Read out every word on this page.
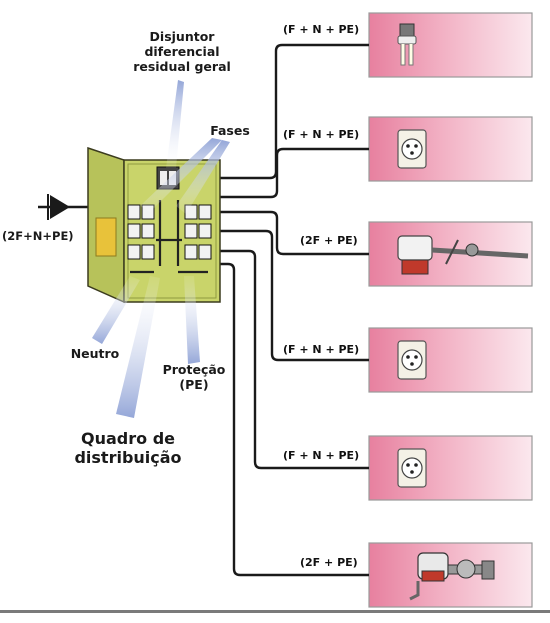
Disjuntor
diferencial
residual geral
Fases
(2F+N+PE)
Neutro
Proteção
(PE)
Quadro de
distribuição
(F + N + PE)
(F + N + PE)
(2F + PE)
(F + N + PE)
(F + N + PE)
(2F + PE)
